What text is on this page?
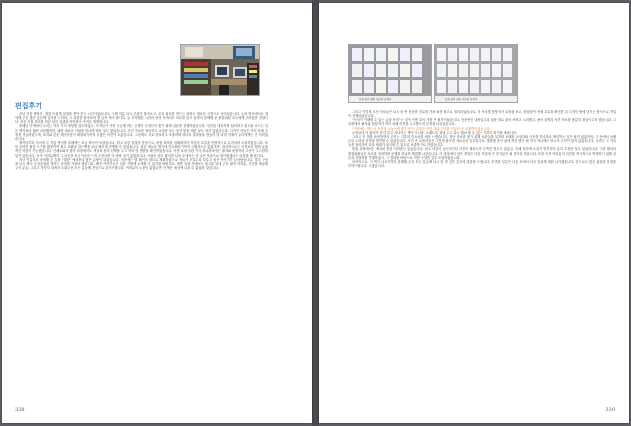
편집후기

지난 겨울 방학은, 정말 뜨겁게 열정을 쏟아 붓는 시간이었습니다. 그해 여름 다시 추위가 찾아오고, 우리 잡지를 만드는 과정도 새로운 국면으로 들어섰습니다. 눈과 빗속에서도 참여해 주신 많은 분들께 감사를 드리며, 그 과정을 돌아보며 몇 글자 적어 봅니다. 늘 부족했던 시간과 인력 속에서도 서로를 믿고 끝까지 함께해 준 편집위원 모두에게 고마움을 전합니다. 처음 기획 회의를 하던 날의 설렘과 막막함이 아직도 생생합니다.

플래닝 단계에서 우리는 여러 가지 방향을 검토하였고, 독자들이 가장 궁금해 하는 주제가 무엇인지 찾기 위해 설문을 진행하였습니다. 인터뷰 대상자를 섭외하고 원고를 모으는 일은 생각보다 훨씬 어려웠지만, 매번 새로운 사람을 만나며 배운 것도 많았습니다. 사진 자료를 정리하고 교정을 보는 동안 밤을 새운 날도 적지 않았습니다. 디자인 작업은 여러 차례 수정을 거듭하였으며, 표지와 본문 레이아웃이 확정되기까지 수많은 의견이 오갔습니다. 그럼에도 서로 양보하고 조율하며 하나의 결과물을 만들어 낸 과정 자체가 우리에게는 큰 의미였습니다.

재작년부터 이어져 온 작업 방식을 올해에는 조금 바꾸어 보았습니다. 원고 마감 일정을 앞당기고, 편집 회의를 정례화하여 작업의 흐름을 안정적으로 유지하려 노력하였습니다. 또한 온라인 협업 도구를 활용하여 원고 교환과 피드백을 보다 빠르게 진행할 수 있었습니다. 물론 새로운 방식에 익숙해지기까지 시행착오도 있었지만, 결과적으로는 이전보다 훨씬 효율적인 작업이 가능했습니다. 인쇄소와의 협의 과정에서도 색감과 용지 선택을 두고 여러 번 샘플을 확인하였습니다. 이번 호에 실린 기사 하나하나에는 필자와 편집자의 고민이 고스란히 담겨 있습니다. 독자 여러분께서 그 마음을 조금이나마 느껴 주신다면 더 바랄 것이 없겠습니다. 아쉬운 점도 많지만 다음 호에서는 더 나은 모습으로 찾아뵙겠다는 다짐을 해 봅니다.

지난 여름부터 준비해 온 특집 기획은 예상보다 많은 분량이 되었습니다. 처음에는 몇 페이지 정도로 계획하였으나 자료가 모일수록 다루고 싶은 이야기가 늘어났습니다. 결국 구성을 다시 짜고 우선순위를 정하는 과정을 거쳐야 했습니다. 빠진 이야기들은 다음 기회에 소개할 수 있기를 바랍니다. 바쁜 일정 속에서도 원고를 보내 주신 필자 여러분, 사진을 제공해 주신 분들, 그리고 묵묵히 뒤에서 도와주신 모든 분들께 진심으로 감사드립니다. 여러분의 도움이 없었다면 이 책은 세상에 나올 수 없었을 것입니다.

338
보관 중인 원본 자료와 교정지	보관 중인 원본 자료와 교정지

그리고 이렇게 모인 자료들은 다시 한 번 꼼꼼한 검토를 거쳐 최종 원고로 정리되었습니다. 각 꼭지별 담당자가 교정을 보고, 편집장이 전체 흐름을 확인한 뒤 디자인 팀에 넘기는 방식으로 작업이 진행되었습니다.

“독자가 이해할 수 있는 글을 쓰자”는 것이 이번 호의 가장 큰 원칙이었습니다. 전문적인 내용일수록 쉬운 말로 풀어 쓰려고 노력했고, 용어 설명과 사진 자료를 충분히 곁들이고자 했습니다. 그 과정에서 필자와 편집자가 여러 차례 의견을 주고받으며 문장을 다듬었습니다.

“이번에는 반드시 독자의 눈높이에 맞추자”는 다짐은 작업 내내 우리를 이끌어 준 나침반이었습니다.

무엇보다 이 잡지가 단지 읽고 지나가는 책이 아니라, 오래도록 곁에 두고 다시 펼쳐 볼 수 있는 기록이 되기를 바랍니다.

그리고 이 책을 준비하면서 우리는 기록의 중요성을 새삼 느꼈습니다. 지난 자료를 찾기 위해 보관실을 뒤지며 오래된 교정지와 사진을 하나하나 확인하는 일은 쉽지 않았지만, 그 안에서 선배들의 노력과 흔적을 발견할 수 있었습니다. 사진 속 교정지들은 그렇게 찾아낸 자료들의 일부입니다. 빛바랜 종이 위에 적힌 빨간 펜 자국 하나에도 당시의 고민이 담겨 있었습니다. 우리는 그 기록들을 정리하여 다음 세대가 참고할 수 있도록 보관하기로 하였습니다.

편집 과정에서는 예상치 못한 어려움도 있었습니다. 원고 마감이 늦어지거나 사진의 해상도가 부족한 경우도 있었고, 인쇄 직전에 오류가 발견되어 급히 수정한 일도 있었습니다. 그럴 때마다 편집위원들은 서로를 격려하며 문제를 하나씩 해결해 나갔습니다. 이 과정에서 얻은 경험은 다음 작업에 큰 밑거름이 될 것이라 믿습니다. 또한 독자 여러분의 의견을 적극적으로 반영하기 위해 설문과 간담회를 진행하였고, 그 결과를 바탕으로 지면 구성을 일부 조정하였습니다.

마지막으로, 이 책이 나오기까지 함께해 주신 모든 분들께 다시 한 번 깊은 감사의 말씀을 드립니다. 부족한 부분은 다음 호에서 더욱 알차게 채워 나가겠습니다. 앞으로도 많은 관심과 응원을 부탁드립니다. 고맙습니다.

339
